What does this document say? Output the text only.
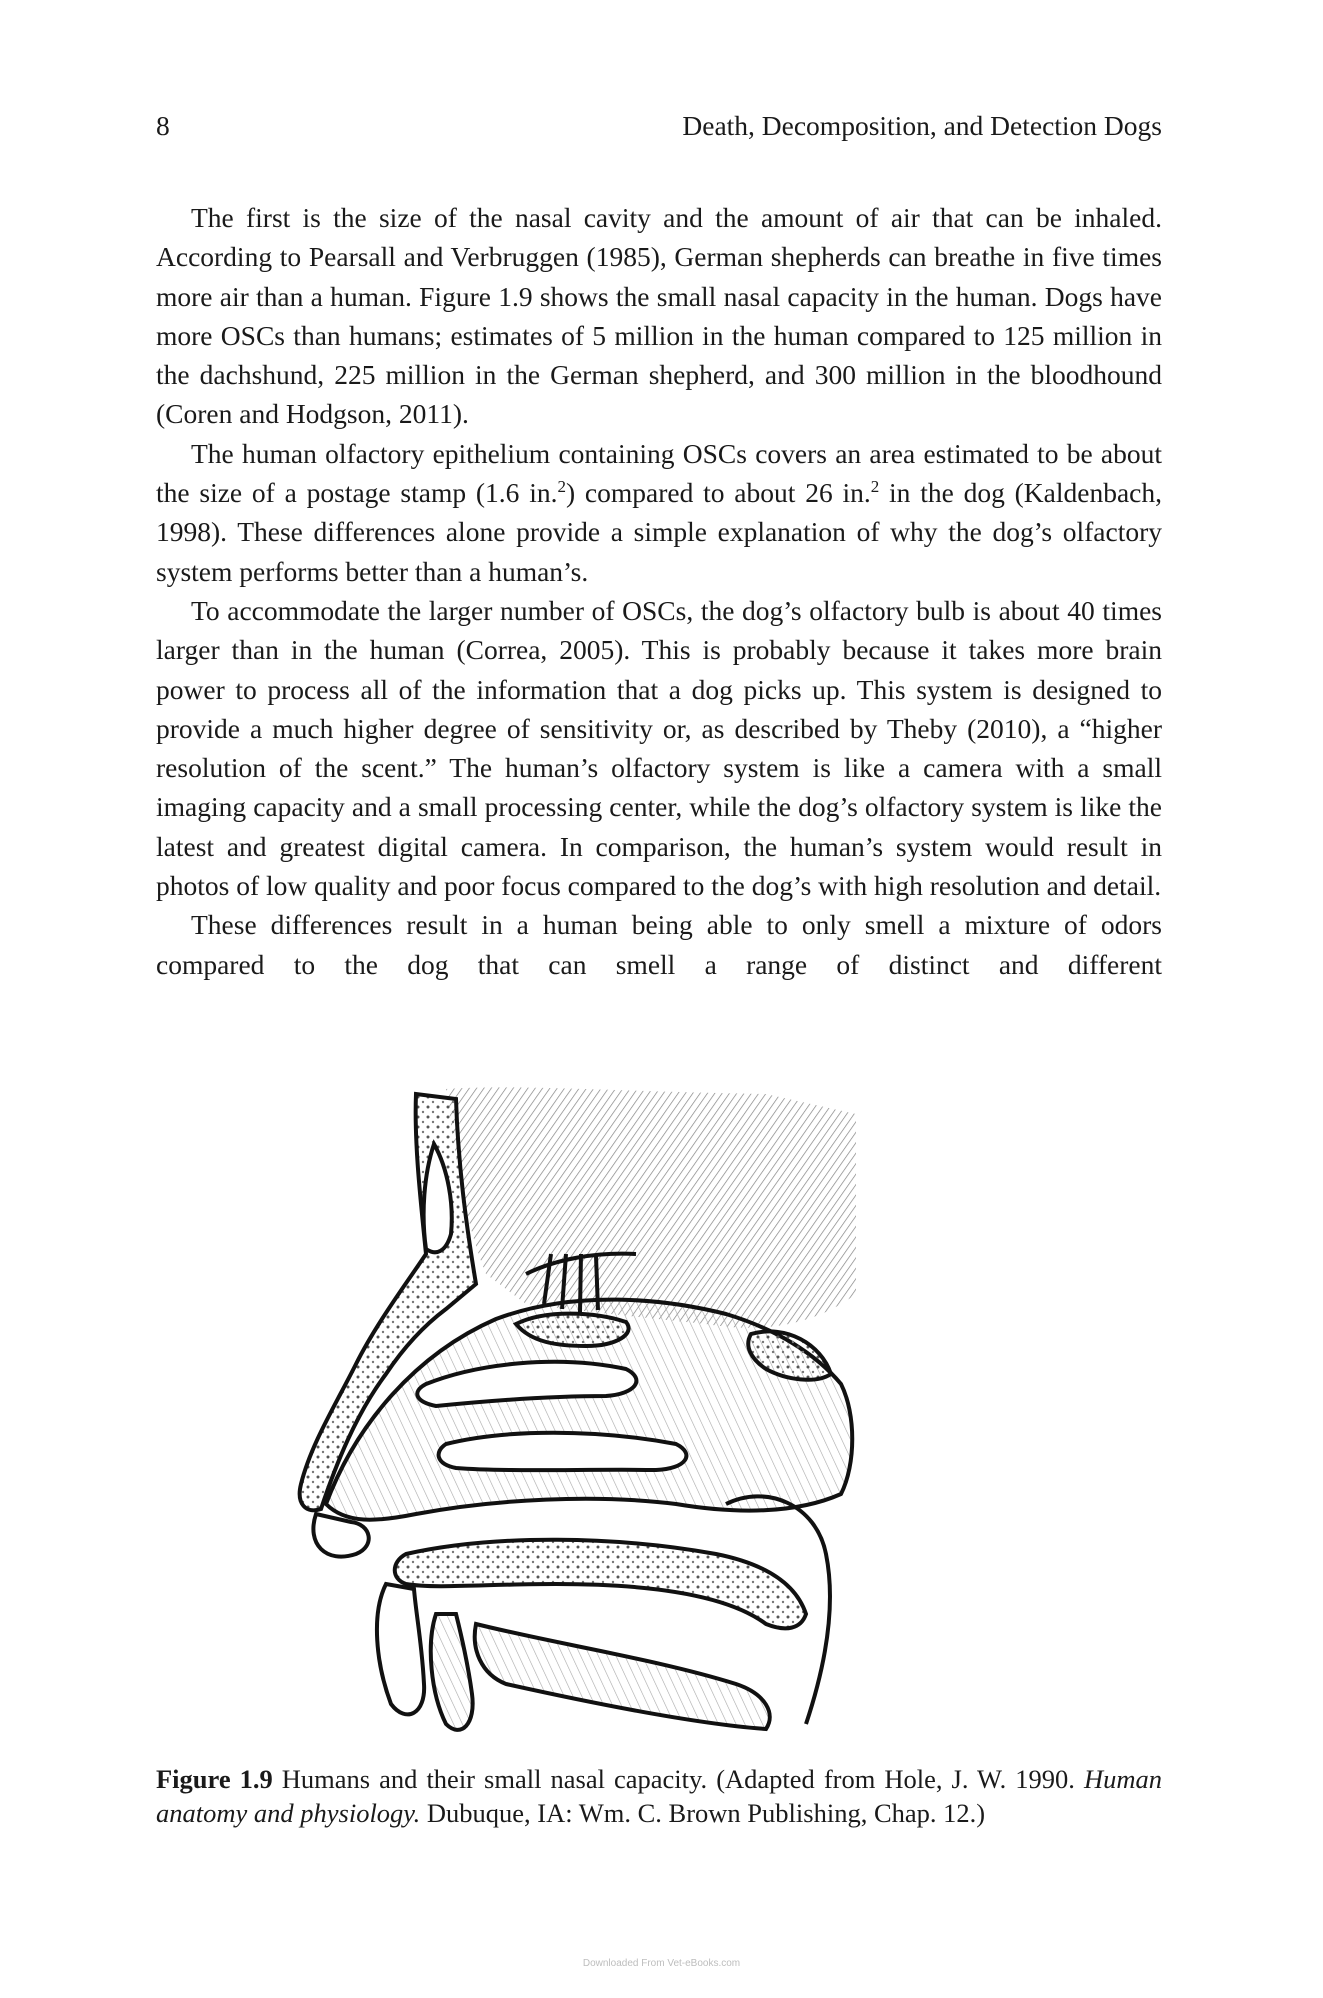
8	Death, Decomposition, and Detection Dogs

The first is the size of the nasal cavity and the amount of air that can be inhaled. According to Pearsall and Verbruggen (1985), German shepherds can breathe in five times more air than a human. Figure 1.9 shows the small nasal capacity in the human. Dogs have more OSCs than humans; estimates of 5 million in the human compared to 125 million in the dachshund, 225 million in the German shepherd, and 300 million in the bloodhound (Coren and Hodgson, 2011).

The human olfactory epithelium containing OSCs covers an area estimated to be about the size of a postage stamp (1.6 in.$^2$) compared to about 26 in.$^2$ in the dog (Kaldenbach, 1998). These differences alone provide a simple explanation of why the dog’s olfactory system performs better than a human’s.

To accommodate the larger number of OSCs, the dog’s olfactory bulb is about 40 times larger than in the human (Correa, 2005). This is probably because it takes more brain power to process all of the information that a dog picks up. This system is designed to provide a much higher degree of sensitivity or, as described by Theby (2010), a “higher resolution of the scent.” The human’s olfactory system is like a camera with a small imaging capacity and a small processing center, while the dog’s olfactory system is like the latest and greatest digital camera. In comparison, the human’s system would result in photos of low quality and poor focus compared to the dog’s with high resolution and detail.

These differences result in a human being able to only smell a mixture of odors compared to the dog that can smell a range of distinct and different

Figure 1.9 Humans and their small nasal capacity. (Adapted from Hole, J. W. 1990. Human anatomy and physiology. Dubuque, IA: Wm. C. Brown Publishing, Chap. 12.)
Downloaded From Vet-eBooks.com
